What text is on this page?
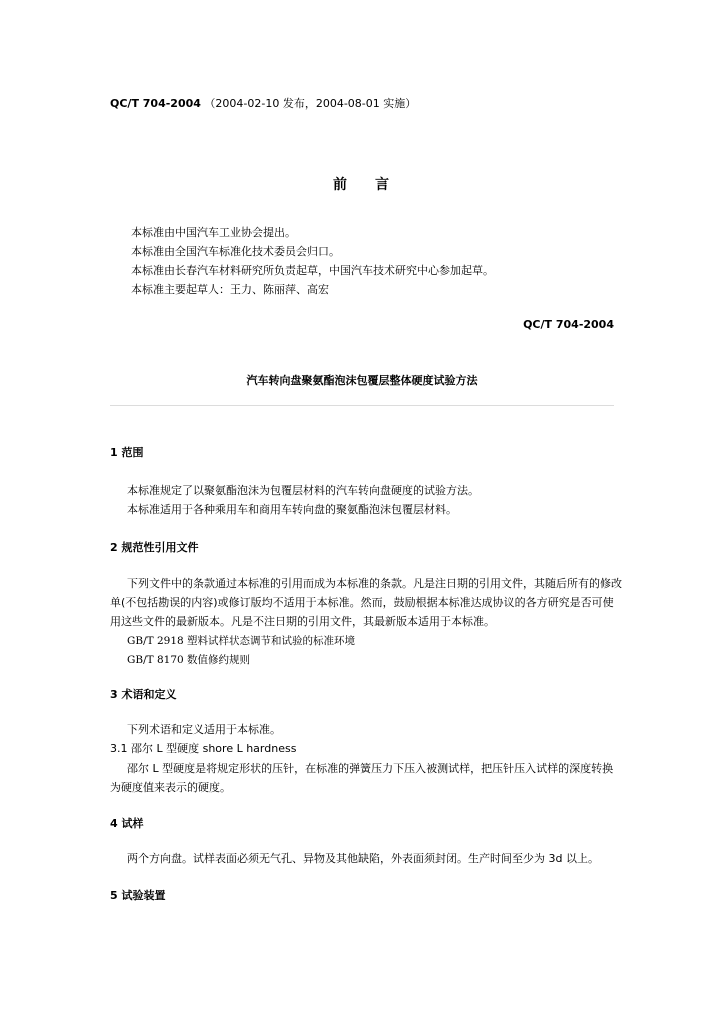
QC/T 704-2004 （2004-02-10 发布，2004-08-01 实施）
前言
本标准由中国汽车工业协会提出。
本标准由全国汽车标准化技术委员会归口。
本标准由长春汽车材料研究所负责起草，中国汽车技术研究中心参加起草。
本标准主要起草人：王力、陈丽萍、高宏
QC/T 704-2004
汽车转向盘聚氨酯泡沫包覆层整体硬度试验方法
1 范围
本标准规定了以聚氨酯泡沫为包覆层材料的汽车转向盘硬度的试验方法。
本标准适用于各种乘用车和商用车转向盘的聚氨酯泡沫包覆层材料。
2 规范性引用文件
下列文件中的条款通过本标准的引用而成为本标准的条款。凡是注日期的引用文件，其随后所有的修改
单(不包括勘误的内容)或修订版均不适用于本标准。然而，鼓励根据本标准达成协议的各方研究是否可使
用这些文件的最新版本。凡是不注日期的引用文件，其最新版本适用于本标准。
GB/T 2918 塑料试样状态调节和试验的标准环境
GB/T 8170 数值修约规则
3 术语和定义
下列术语和定义适用于本标准。
3.1 邵尔 L 型硬度 shore L hardness
邵尔 L 型硬度是将规定形状的压针，在标准的弹簧压力下压入被测试样，把压针压入试样的深度转换
为硬度值来表示的硬度。
4 试样
两个方向盘。试样表面必须无气孔、异物及其他缺陷，外表面须封闭。生产时间至少为 3d 以上。
5 试验装置
